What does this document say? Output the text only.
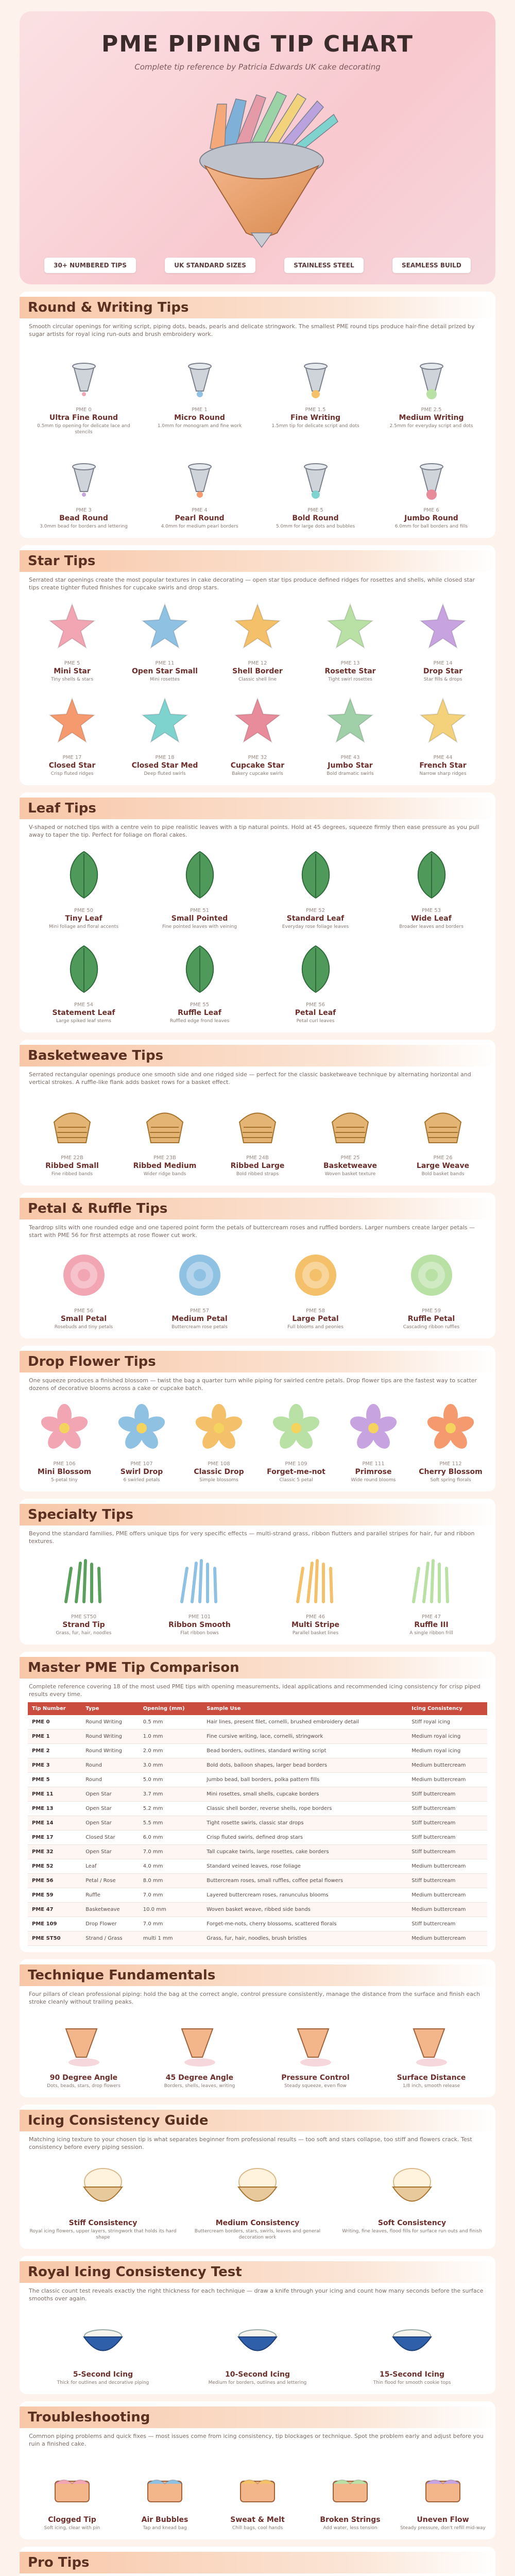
PME PIPING TIP CHART
Complete tip reference by Patricia Edwards UK cake decorating
30+ NUMBERED TIPS	UK STANDARD SIZES	STAINLESS STEEL	SEAMLESS BUILD
Round & Writing Tips
Smooth circular openings for writing script, piping dots, beads, pearls and delicate stringwork. The smallest PME round tips produce hair-fine detail prized by sugar artists for royal icing run-outs and brush embroidery work.
PME 0
Ultra Fine Round
0.5mm tip opening for delicate lace and stencils
PME 1
Micro Round
1.0mm for monogram and fine work
PME 1.5
Fine Writing
1.5mm tip for delicate script and dots
PME 2.5
Medium Writing
2.5mm for everyday script and dots
PME 3
Bead Round
3.0mm bead for borders and lettering
PME 4
Pearl Round
4.0mm for medium pearl borders
PME 5
Bold Round
5.0mm for large dots and bubbles
PME 6
Jumbo Round
6.0mm for ball borders and fills
Star Tips
Serrated star openings create the most popular textures in cake decorating — open star tips produce defined ridges for rosettes and shells, while closed star tips create tighter fluted finishes for cupcake swirls and drop stars.
PME 5
Mini Star
Tiny shells & stars
PME 11
Open Star Small
Mini rosettes
PME 12
Shell Border
Classic shell line
PME 13
Rosette Star
Tight swirl rosettes
PME 14
Drop Star
Star fills & drops
PME 17
Closed Star
Crisp fluted ridges
PME 18
Closed Star Med
Deep fluted swirls
PME 32
Cupcake Star
Bakery cupcake swirls
PME 43
Jumbo Star
Bold dramatic swirls
PME 44
French Star
Narrow sharp ridges
Leaf Tips
V-shaped or notched tips with a centre vein to pipe realistic leaves with a tip natural points. Hold at 45 degrees, squeeze firmly then ease pressure as you pull away to taper the tip. Perfect for foliage on floral cakes.
PME 50
Tiny Leaf
Mini foliage and floral accents
PME 51
Small Pointed
Fine pointed leaves with veining
PME 52
Standard Leaf
Everyday rose foliage leaves
PME 53
Wide Leaf
Broader leaves and borders
PME 54
Statement Leaf
Large spiked leaf stems
PME 55
Ruffle Leaf
Ruffled edge frond leaves
PME 56
Petal Leaf
Petal curl leaves
Basketweave Tips
Serrated rectangular openings produce one smooth side and one ridged side — perfect for the classic basketweave technique by alternating horizontal and vertical strokes. A ruffle-like flank adds basket rows for a basket effect.
PME 22B
Ribbed Small
Fine ribbed bands
PME 23B
Ribbed Medium
Wider ridge bands
PME 24B
Ribbed Large
Bold ribbed straps
PME 25
Basketweave
Woven basket texture
PME 26
Large Weave
Bold basket bands
Petal & Ruffle Tips
Teardrop slits with one rounded edge and one tapered point form the petals of buttercream roses and ruffled borders. Larger numbers create larger petals — start with PME 56 for first attempts at rose flower cut work.
PME 56
Small Petal
Rosebuds and tiny petals
PME 57
Medium Petal
Buttercream rose petals
PME 58
Large Petal
Full blooms and peonies
PME 59
Ruffle Petal
Cascading ribbon ruffles
Drop Flower Tips
One squeeze produces a finished blossom — twist the bag a quarter turn while piping for swirled centre petals. Drop flower tips are the fastest way to scatter dozens of decorative blooms across a cake or cupcake batch.
PME 106
Mini Blossom
5-petal tiny
PME 107
Swirl Drop
6 swirled petals
PME 108
Classic Drop
Simple blossoms
PME 109
Forget-me-not
Classic 5 petal
PME 111
Primrose
Wide round blooms
PME 112
Cherry Blossom
Soft spring florals
Specialty Tips
Beyond the standard families, PME offers unique tips for very specific effects — multi-strand grass, ribbon flutters and parallel stripes for hair, fur and ribbon textures.
PME ST50
Strand Tip
Grass, fur, hair, noodles
PME 101
Ribbon Smooth
Flat ribbon bows
PME 46
Multi Stripe
Parallel basket lines
PME 47
Ruffle III
A single ribbon frill
Master PME Tip Comparison
Complete reference covering 18 of the most used PME tips with opening measurements, ideal applications and recommended icing consistency for crisp piped results every time.
Tip Number	Type	Opening (mm)	Sample Use	Icing Consistency
PME 0	Round Writing	0.5 mm	Hair lines, present filet, cornelli, brushed embroidery detail	Stiff royal icing
PME 1	Round Writing	1.0 mm	Fine cursive writing, lace, cornelli, stringwork	Medium royal icing
PME 2	Round Writing	2.0 mm	Bead borders, outlines, standard writing script	Medium royal icing
PME 3	Round	3.0 mm	Bold dots, balloon shapes, larger bead borders	Medium buttercream
PME 5	Round	5.0 mm	Jumbo bead, ball borders, polka pattern fills	Medium buttercream
PME 11	Open Star	3.7 mm	Mini rosettes, small shells, cupcake borders	Stiff buttercream
PME 13	Open Star	5.2 mm	Classic shell border, reverse shells, rope borders	Stiff buttercream
PME 14	Open Star	5.5 mm	Tight rosette swirls, classic star drops	Stiff buttercream
PME 17	Closed Star	6.0 mm	Crisp fluted swirls, defined drop stars	Stiff buttercream
PME 32	Open Star	7.0 mm	Tall cupcake twirls, large rosettes, cake borders	Stiff buttercream
PME 52	Leaf	4.0 mm	Standard veined leaves, rose foliage	Medium buttercream
PME 56	Petal / Rose	8.0 mm	Buttercream roses, small ruffles, coffee petal flowers	Stiff buttercream
PME 59	Ruffle	7.0 mm	Layered buttercream roses, ranunculus blooms	Medium buttercream
PME 47	Basketweave	10.0 mm	Woven basket weave, ribbed side bands	Medium buttercream
PME 109	Drop Flower	7.0 mm	Forget-me-nots, cherry blossoms, scattered florals	Stiff buttercream
PME ST50	Strand / Grass	multi 1 mm	Grass, fur, hair, noodles, brush bristles	Medium buttercream
Technique Fundamentals
Four pillars of clean professional piping: hold the bag at the correct angle, control pressure consistently, manage the distance from the surface and finish each stroke cleanly without trailing peaks.
90 Degree Angle
Dots, beads, stars, drop flowers
45 Degree Angle
Borders, shells, leaves, writing
Pressure Control
Steady squeeze, even flow
Surface Distance
1/8 inch, smooth release
Icing Consistency Guide
Matching icing texture to your chosen tip is what separates beginner from professional results — too soft and stars collapse, too stiff and flowers crack. Test consistency before every piping session.
Stiff Consistency
Royal icing flowers, upper layers, stringwork that holds its hard shape
Medium Consistency
Buttercream borders, stars, swirls, leaves and general decoration work
Soft Consistency
Writing, fine leaves, flood fills for surface run outs and finish
Royal Icing Consistency Test
The classic count test reveals exactly the right thickness for each technique — draw a knife through your icing and count how many seconds before the surface smooths over again.
5-Second Icing
Thick for outlines and decorative piping
10-Second Icing
Medium for borders, outlines and lettering
15-Second Icing
Thin flood for smooth cookie tops
Troubleshooting
Common piping problems and quick fixes — most issues come from icing consistency, tip blockages or technique. Spot the problem early and adjust before you ruin a finished cake.
Clogged Tip
Soft icing, clear with pin
Air Bubbles
Tap and knead bag
Sweat & Melt
Chill bags, cool hands
Broken Strings
Add water, less tension
Uneven Flow
Steady pressure, don't refill mid-way
Pro Tips
